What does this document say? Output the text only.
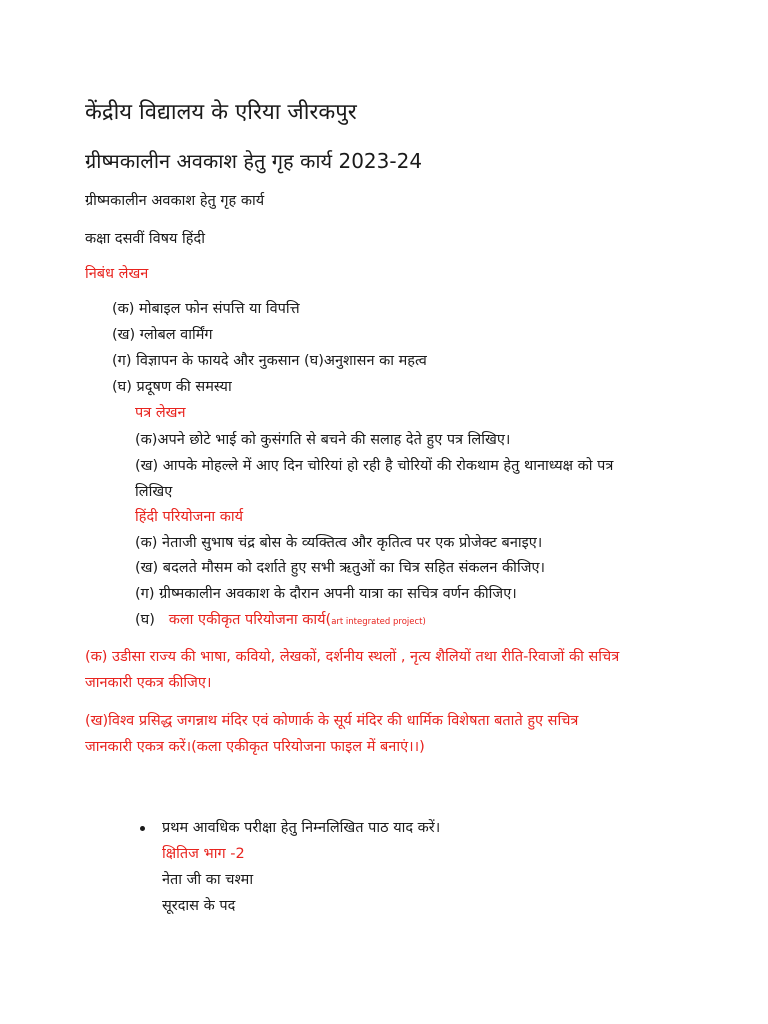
केंद्रीय विद्यालय के एरिया जीरकपुर
ग्रीष्मकालीन अवकाश हेतु गृह कार्य 2023-24
ग्रीष्मकालीन अवकाश हेतु गृह कार्य
कक्षा दसवीं विषय हिंदी
निबंध लेखन
(क) मोबाइल फोन संपत्ति या विपत्ति
(ख) ग्लोबल वार्मिंग
(ग) विज्ञापन के फायदे और नुकसान (घ)अनुशासन का महत्व
(घ) प्रदूषण की समस्या
पत्र लेखन
(क)अपने छोटे भाई को कुसंगति से बचने की सलाह देते हुए पत्र लिखिए।
(ख) आपके मोहल्ले में आए दिन चोरियां हो रही है चोरियों की रोकथाम हेतु थानाध्यक्ष को पत्र
लिखिए
हिंदी परियोजना कार्य
(क) नेताजी सुभाष चंद्र बोस के व्यक्तित्व और कृतित्व पर एक प्रोजेक्ट बनाइए।
(ख) बदलते मौसम को दर्शाते हुए सभी ऋतुओं का चित्र सहित संकलन कीजिए।
(ग) ग्रीष्मकालीन अवकाश के दौरान अपनी यात्रा का सचित्र वर्णन कीजिए।
(घ) कला एकीकृत परियोजना कार्य(art integrated project)
(क) उडीसा राज्य की भाषा, कवियो, लेखकों, दर्शनीय स्थलों , नृत्य शैलियों तथा रीति-रिवाजों की सचित्र
जानकारी एकत्र कीजिए।
(ख)विश्व प्रसिद्ध जगन्नाथ मंदिर एवं कोणार्क के सूर्य मंदिर की धार्मिक विशेषता बताते हुए सचित्र
जानकारी एकत्र करें।(कला एकीकृत परियोजना फाइल में बनाएं।।)
प्रथम आवधिक परीक्षा हेतु निम्नलिखित पाठ याद करें।
क्षितिज भाग -2
नेता जी का चश्मा
सूरदास के पद
